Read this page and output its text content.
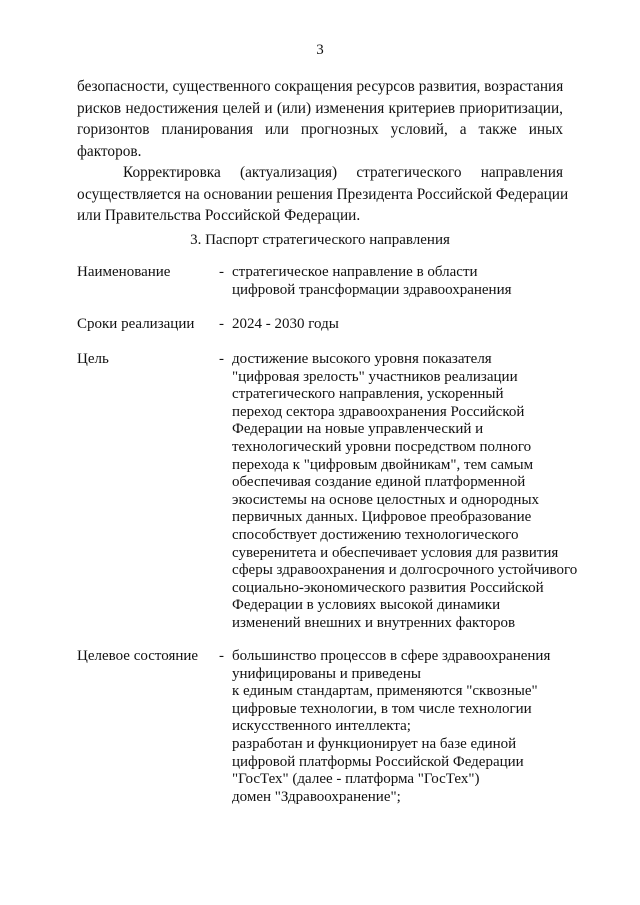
3

безопасности, существенного сокращения ресурсов развития, возрастания
рисков недостижения целей и (или) изменения критериев приоритизации,
горизонтов планирования или прогнозных условий, а также иных
факторов.

Корректировка (актуализация) стратегического направления
осуществляется на основании решения Президента Российской Федерации
или Правительства Российской Федерации.

3. Паспорт стратегического направления
Наименование	- стратегическое направление в области
цифровой трансформации здравоохранения
Сроки реализации - 2024 - 2030 годы
Цель	- достижение высокого уровня показателя
"цифровая зрелость" участников реализации
стратегического направления, ускоренный
переход сектора здравоохранения Российской
Федерации на новые управленческий и
технологический уровни посредством полного
перехода к "цифровым двойникам", тем самым
обеспечивая создание единой платформенной
экосистемы на основе целостных и однородных
первичных данных. Цифровое преобразование
способствует достижению технологического
суверенитета и обеспечивает условия для развития
сферы здравоохранения и долгосрочного устойчивого
социально-экономического развития Российской
Федерации в условиях высокой динамики
изменений внешних и внутренних факторов
Целевое состояние - большинство процессов в сфере здравоохранения
унифицированы и приведены
к единым стандартам, применяются "сквозные"
цифровые технологии, в том числе технологии
искусственного интеллекта;
разработан и функционирует на базе единой
цифровой платформы Российской Федерации
"ГосТех" (далее - платформа "ГосТех")
домен "Здравоохранение";
